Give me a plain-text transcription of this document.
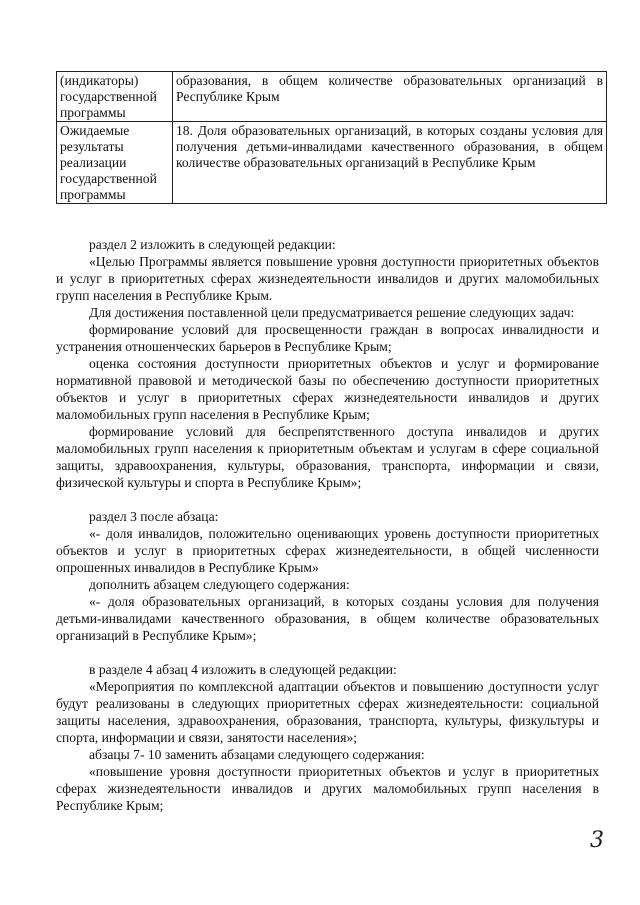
(индикаторы) государственной программы	образования, в общем количестве образовательных организаций в Республике Крым
Ожидаемые результаты реализации государственной программы	18. Доля образовательных организаций, в которых созданы условия для получения детьми-инвалидами качественного образования, в общем количестве образовательных организаций в Республике Крым

раздел 2 изложить в следующей редакции:

«Целью Программы является повышение уровня доступности приоритетных объектов и услуг в приоритетных сферах жизнедеятельности инвалидов и других маломобильных групп населения в Республике Крым.

Для достижения поставленной цели предусматривается решение следующих задач:

формирование условий для просвещенности граждан в вопросах инвалидности и устранения отношенческих барьеров в Республике Крым;

оценка состояния доступности приоритетных объектов и услуг и формирование нормативной правовой и методической базы по обеспечению доступности приоритетных объектов и услуг в приоритетных сферах жизнедеятельности инвалидов и других маломобильных групп населения в Республике Крым;

формирование условий для беспрепятственного доступа инвалидов и других маломобильных групп населения к приоритетным объектам и услугам в сфере социальной защиты, здравоохранения, культуры, образования, транспорта, информации и связи, физической культуры и спорта в Республике Крым»;

раздел 3 после абзаца:

«- доля инвалидов, положительно оценивающих уровень доступности приоритетных объектов и услуг в приоритетных сферах жизнедеятельности, в общей численности опрошенных инвалидов в Республике Крым»

дополнить абзацем следующего содержания:

«- доля образовательных организаций, в которых созданы условия для получения детьми-инвалидами качественного образования, в общем количестве образовательных организаций в Республике Крым»;

в разделе 4 абзац 4 изложить в следующей редакции:

«Мероприятия по комплексной адаптации объектов и повышению доступности услуг будут реализованы в следующих приоритетных сферах жизнедеятельности: социальной защиты населения, здравоохранения, образования, транспорта, культуры, физкультуры и спорта, информации и связи, занятости населения»;

абзацы 7- 10 заменить абзацами следующего содержания:

«повышение уровня доступности приоритетных объектов и услуг в приоритетных сферах жизнедеятельности инвалидов и других маломобильных групп населения в Республике Крым;

3
